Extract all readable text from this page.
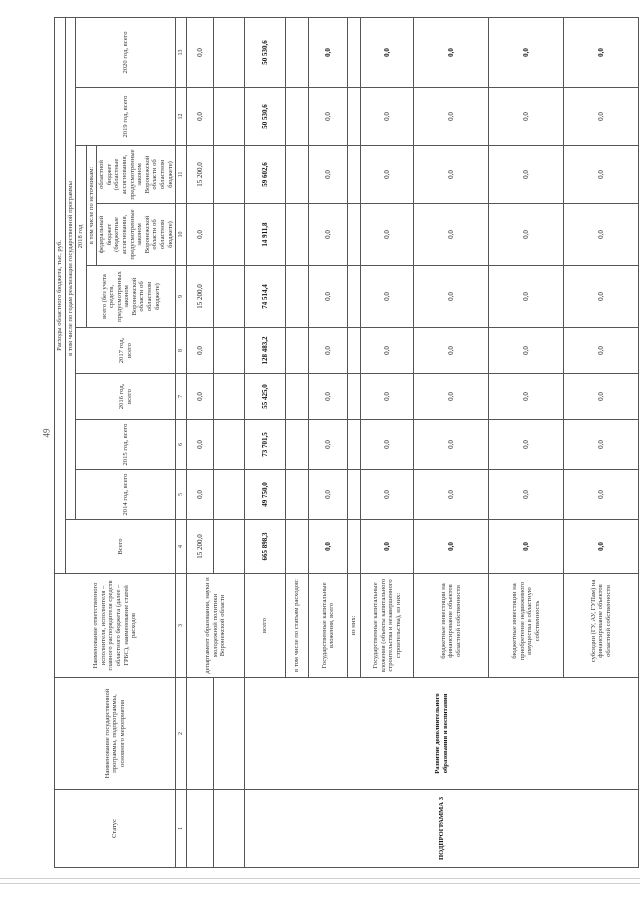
49
Статус	Наименование государственной программы, подпрограммы, основного мероприятия	Наименование ответственного исполнителя, исполнителя – главного распорядителя средств областного бюджета (далее – ГРБС), наименование статей расходов	Расходы областного бюджета, тыс. руб.									
			Всего	в том числе по годам реализации государственной программы								
				2014 год, всего	2015 год, всего	2016 год, всего	2017 год, всего	2018 год			2019 год, всего	2020 год, всего
								всего (без учета средств, предусмотренных законом Воронежской области об областном бюджете)	в том числе по источникам:			
									федеральный бюджет (бюджетные ассигнования, предусмотренные законом Воронежской области об областном бюджете)	областной бюджет (областные ассигнования, предусмотренные законом Воронежской области об областном бюджете)		
1	2	3	4	5	6	7	8	9	10	11	12	13
		департамент образования, науки и молодежной политики Воронежской области	15 200,0	0,0	0,0	0,0	0,0	15 200,0	0,0	15 200,0	0,0	0,0

ПОДПРОГРАММА 3	Развитие дополнительного образования и воспитания	всего	665 898,3	49 750,0	73 701,5	55 425,0	128 483,2	74 514,4	14 911,8	59 602,6	50 530,6	50 530,6
		в том числе по статьям расходов:										
		Государственные капитальные вложения, всего	0,0	0,0	0,0	0,0	0,0	0,0	0,0	0,0	0,0	0,0
		из них:										
		Государственные капитальные вложения (объекты капитального строительства и незавершенного строительства), из них:	0,0	0,0	0,0	0,0	0,0	0,0	0,0	0,0	0,0	0,0
		бюджетные инвестиции на финансирование объектов областной собственности	0,0	0,0	0,0	0,0	0,0	0,0	0,0	0,0	0,0	0,0
		бюджетные инвестиции на приобретение недвижимого имущества в областную собственность	0,0	0,0	0,0	0,0	0,0	0,0	0,0	0,0	0,0	0,0
		субсидии (ГУ, АУ, ГУПам) на финансирование объектов областной собственности	0,0	0,0	0,0	0,0	0,0	0,0	0,0	0,0	0,0	0,0
